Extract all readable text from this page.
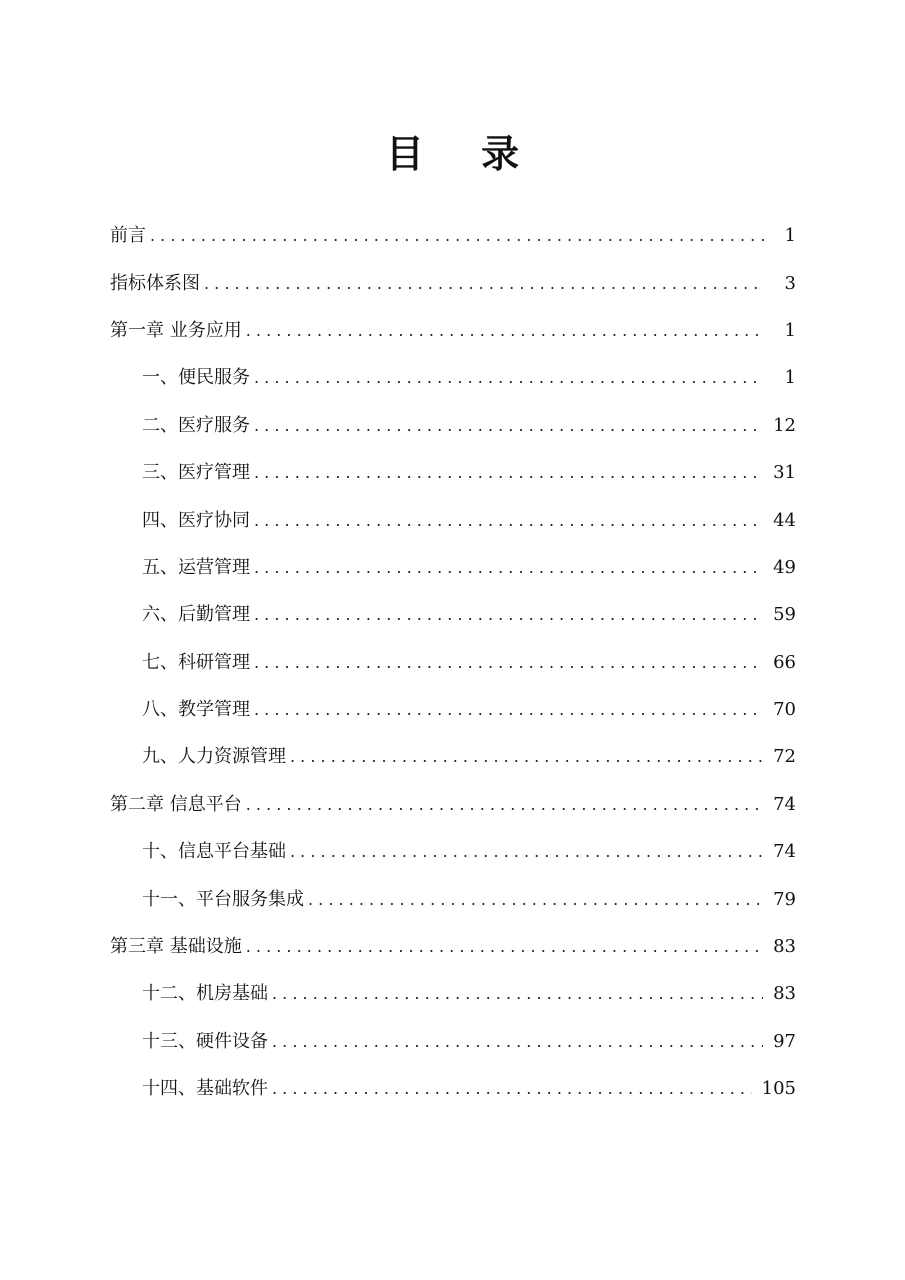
目 录
前言 . . .	1
指标体系图 . . .	3
第一章 业务应用 . . .	1
一、便民服务 . . .	1
二、医疗服务 . . .	12
三、医疗管理 . . .	31
四、医疗协同 . . .	44
五、运营管理 . . .	49
六、后勤管理 . . .	59
七、科研管理 . . .	66
八、教学管理 . . .	70
九、人力资源管理 . . .	72
第二章 信息平台 . . .	74
十、信息平台基础 . . .	74
十一、平台服务集成 . . .	79
第三章 基础设施 . . .	83
十二、机房基础 . . .	83
十三、硬件设备 . . .	97
十四、基础软件 . . .	105
